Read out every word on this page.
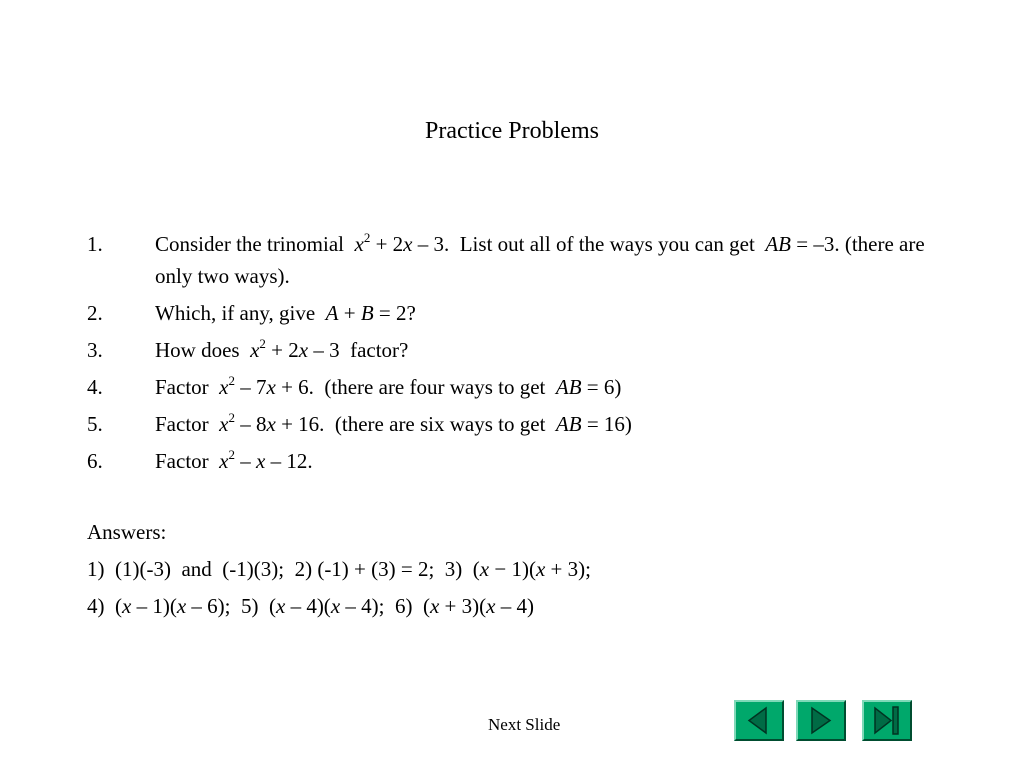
Practice Problems
1. Consider the trinomial  $x^2 + 2x - 3$.  List out all of the ways you can get  AB = –3. (there are only two ways).
2. Which, if any, give  A + B = 2?
3. How does  $x^2 + 2x - 3$  factor?
4. Factor  $x^2 - 7x + 6$.  (there are four ways to get  AB = 6)
5. Factor  $x^2 - 8x + 16$.  (there are six ways to get  AB = 16)
6. Factor  $x^2$ – x – 12.
Answers:
1)  (1)(-3)  and  (-1)(3);  2) (-1) + (3) = 2;  3)  (x − 1)(x + 3);
4)  (x – 1)(x – 6);  5)  (x – 4)(x – 4);  6)  (x + 3)(x – 4)
Next Slide
